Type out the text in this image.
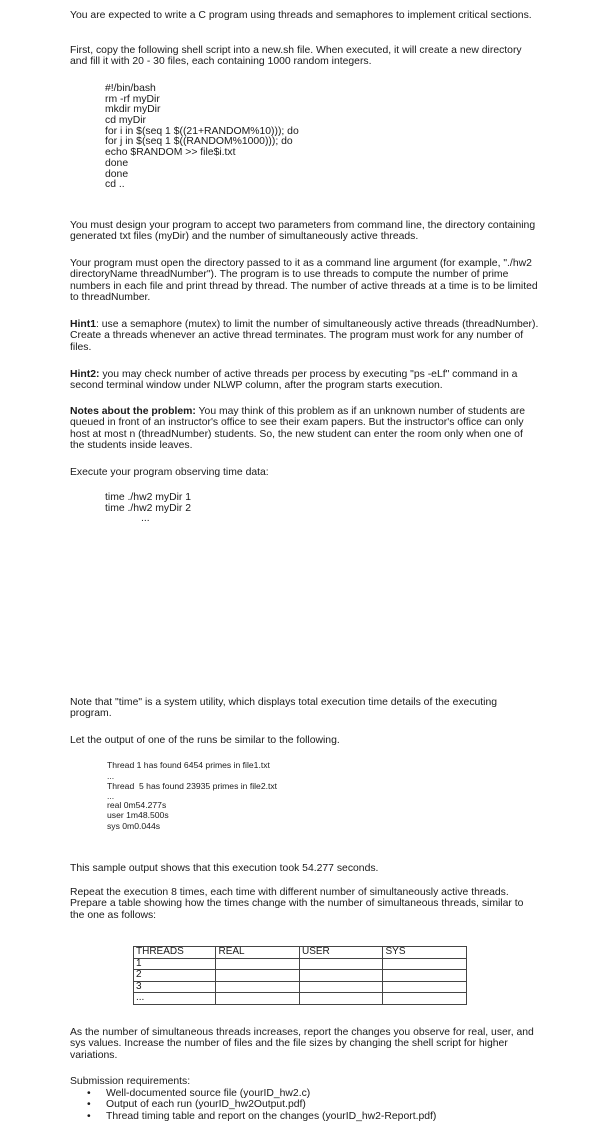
You are expected to write a C program using threads and semaphores to implement critical sections.

First, copy the following shell script into a new.sh file. When executed, it will create a new directory and fill it with 20 - 30 files, each containing 1000 random integers.

#!/bin/bash
rm -rf myDir
mkdir myDir
cd myDir
for i in $(seq 1 $((21+RANDOM%10))); do
for j in $(seq 1 $((RANDOM%1000))); do
echo $RANDOM >> file$i.txt
done
done
cd ..

You must design your program to accept two parameters from command line, the directory containing generated txt files (myDir) and the number of simultaneously active threads.

Your program must open the directory passed to it as a command line argument (for example, "./hw2 directoryName threadNumber"). The program is to use threads to compute the number of prime numbers in each file and print thread by thread. The number of active threads at a time is to be limited to threadNumber.

Hint1: use a semaphore (mutex) to limit the number of simultaneously active threads (threadNumber). Create a threads whenever an active thread terminates. The program must work for any number of files.

Hint2: you may check number of active threads per process by executing "ps -eLf" command in a second terminal window under NLWP column, after the program starts execution.

Notes about the problem: You may think of this problem as if an unknown number of students are queued in front of an instructor's office to see their exam papers. But the instructor's office can only host at most n (threadNumber) students. So, the new student can enter the room only when one of the students inside leaves.

Execute your program observing time data:

time ./hw2 myDir 1
time ./hw2 myDir 2
...

Note that "time" is a system utility, which displays total execution time details of the executing program.

Let the output of one of the runs be similar to the following.

Thread 1 has found 6454 primes in file1.txt
...
Thread  5 has found 23935 primes in file2.txt
...
real 0m54.277s
user 1m48.500s
sys 0m0.044s

This sample output shows that this execution took 54.277 seconds.

Repeat the execution 8 times, each time with different number of simultaneously active threads. Prepare a table showing how the times change with the number of simultaneous threads, similar to the one as follows:

THREADS	REAL	USER	SYS
1			
2			
3			
...			

As the number of simultaneous threads increases, report the changes you observe for real, user, and sys values. Increase the number of files and the file sizes by changing the shell script for higher variations.

Submission requirements:

• Well-documented source file (yourID_hw2.c)
• Output of each run (yourID_hw2Output.pdf)
• Thread timing table and report on the changes (yourID_hw2-Report.pdf)
